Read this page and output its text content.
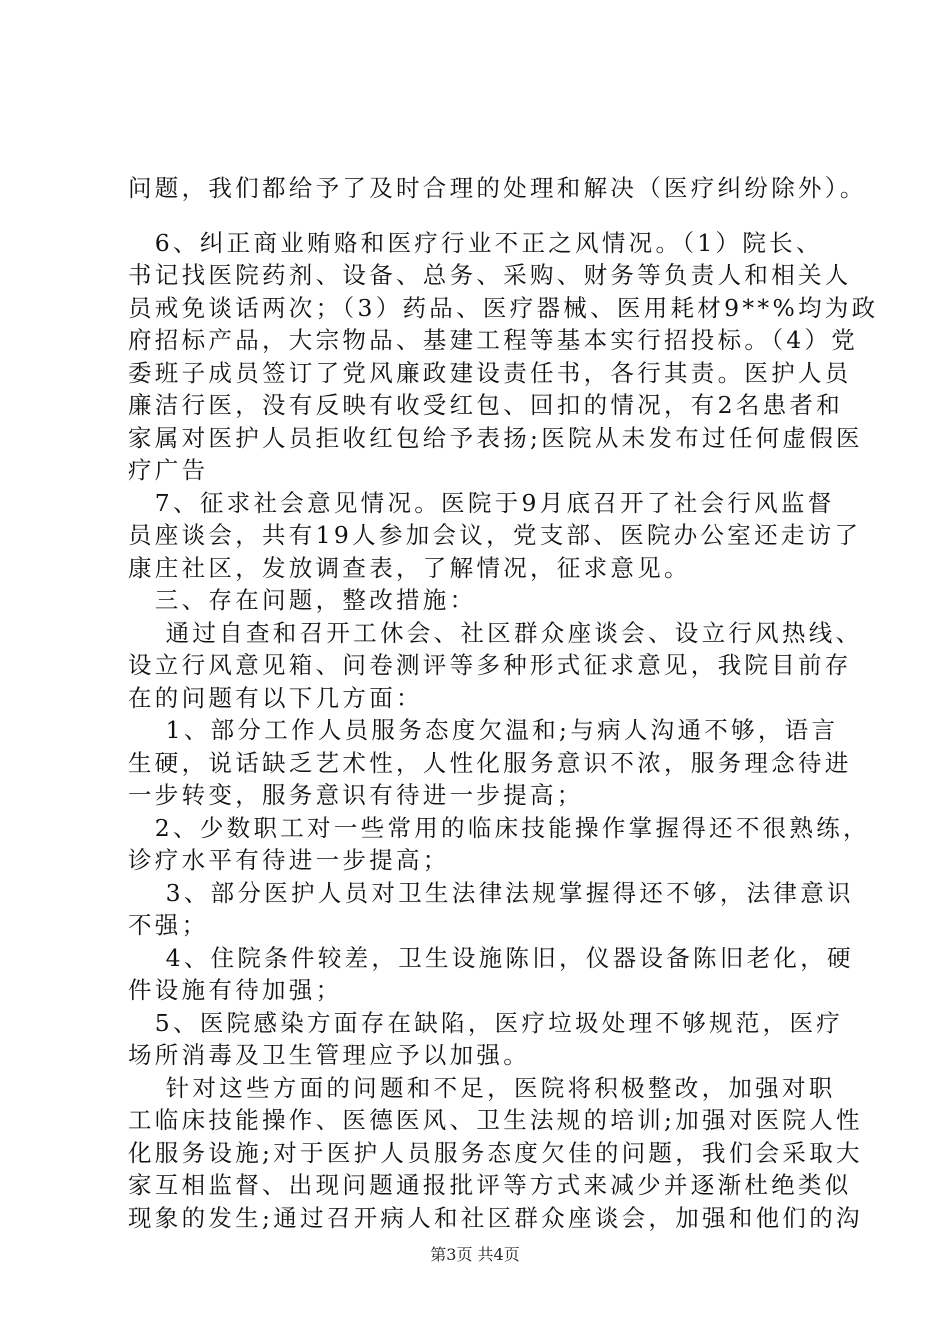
问题，我们都给予了及时合理的处理和解决（医疗纠纷除外）。
　6、纠正商业贿赂和医疗行业不正之风情况。（1）院长、
书记找医院药剂、设备、总务、采购、财务等负责人和相关人
员戒免谈话两次；（3）药品、医疗器械、医用耗材9**%均为政
府招标产品，大宗物品、基建工程等基本实行招投标。（4）党
委班子成员签订了党风廉政建设责任书，各行其责。医护人员
廉洁行医，没有反映有收受红包、回扣的情况，有2名患者和
家属对医护人员拒收红包给予表扬;医院从未发布过任何虚假医
疗广告
　7、征求社会意见情况。医院于9月底召开了社会行风监督
员座谈会，共有19人参加会议，党支部、医院办公室还走访了
康庄社区，发放调查表，了解情况，征求意见。
　三、存在问题，整改措施：
　 通过自查和召开工休会、社区群众座谈会、设立行风热线、
设立行风意见箱、问卷测评等多种形式征求意见，我院目前存
在的问题有以下几方面：
　 1、部分工作人员服务态度欠温和;与病人沟通不够，语言
生硬，说话缺乏艺术性，人性化服务意识不浓，服务理念待进
一步转变，服务意识有待进一步提高；
　2、少数职工对一些常用的临床技能操作掌握得还不很熟练，
诊疗水平有待进一步提高；
　 3、部分医护人员对卫生法律法规掌握得还不够，法律意识
不强；
　 4、住院条件较差，卫生设施陈旧，仪器设备陈旧老化，硬
件设施有待加强；
　5、医院感染方面存在缺陷，医疗垃圾处理不够规范，医疗
场所消毒及卫生管理应予以加强。
　 针对这些方面的问题和不足，医院将积极整改，加强对职
工临床技能操作、医德医风、卫生法规的培训;加强对医院人性
化服务设施;对于医护人员服务态度欠佳的问题，我们会采取大
家互相监督、出现问题通报批评等方式来减少并逐渐杜绝类似
现象的发生;通过召开病人和社区群众座谈会，加强和他们的沟
第3页 共4页
